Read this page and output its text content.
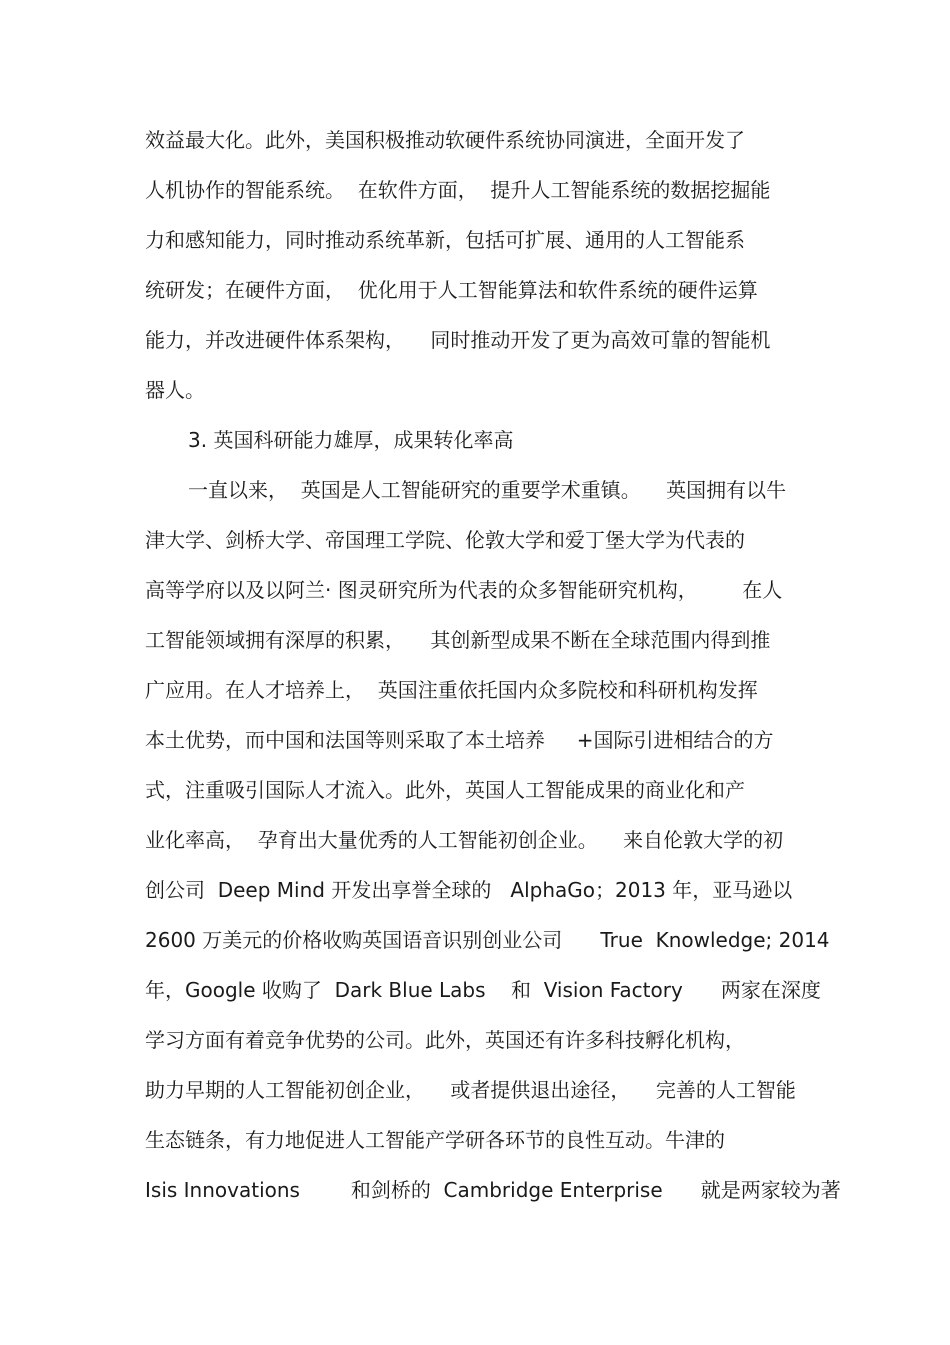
效益最大化。此外，美国积极推动软硬件系统协同演进，全面开发了
人机协作的智能系统。  在软件方面，  提升人工智能系统的数据挖掘能
力和感知能力，同时推动系统革新，包括可扩展、通用的人工智能系
统研发；在硬件方面，  优化用于人工智能算法和软件系统的硬件运算
能力，并改进硬件体系架构，    同时推动开发了更为高效可靠的智能机
器人。
3. 英国科研能力雄厚，成果转化率高
一直以来，  英国是人工智能研究的重要学术重镇。    英国拥有以牛
津大学、剑桥大学、帝国理工学院、伦敦大学和爱丁堡大学为代表的
高等学府以及以阿兰· 图灵研究所为代表的众多智能研究机构，       在人
工智能领域拥有深厚的积累，    其创新型成果不断在全球范围内得到推
广应用。在人才培养上，  英国注重依托国内众多院校和科研机构发挥
本土优势，而中国和法国等则采取了本土培养     +国际引进相结合的方
式，注重吸引国际人才流入。此外，英国人工智能成果的商业化和产
业化率高，  孕育出大量优秀的人工智能初创企业。    来自伦敦大学的初
创公司  Deep Mind 开发出享誉全球的   AlphaGo；2013 年，亚马逊以
2600 万美元的价格收购英国语音识别创业公司      True  Knowledge; 2014
年，Google 收购了  Dark Blue Labs    和  Vision Factory      两家在深度
学习方面有着竞争优势的公司。此外，英国还有许多科技孵化机构，
助力早期的人工智能初创企业，    或者提供退出途径，    完善的人工智能
生态链条，有力地促进人工智能产学研各环节的良性互动。牛津的
Isis Innovations        和剑桥的  Cambridge Enterprise      就是两家较为著
